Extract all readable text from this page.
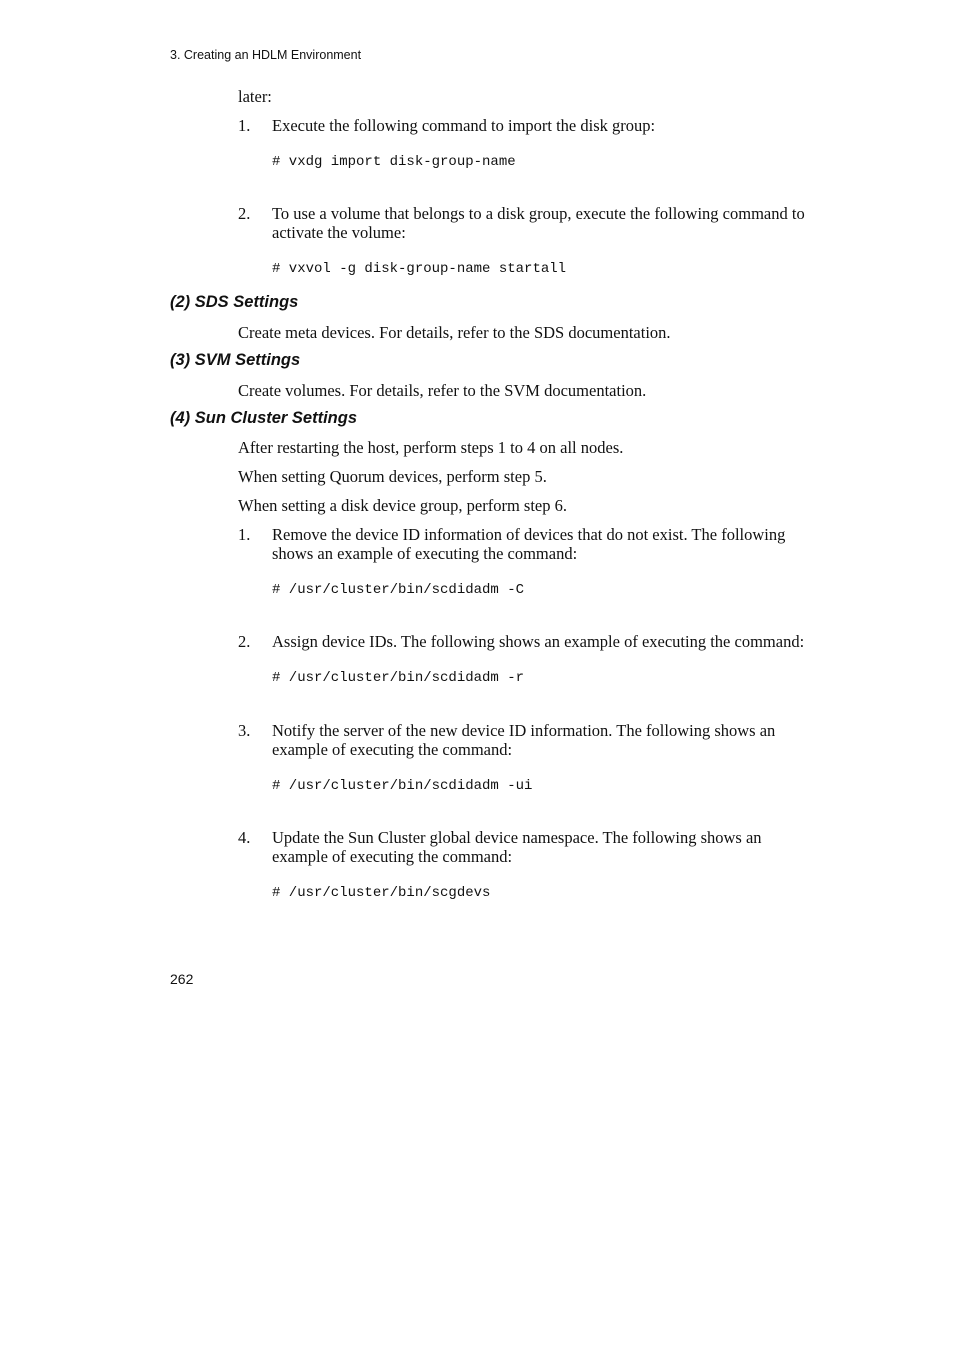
3. Creating an HDLM Environment
later:
1. Execute the following command to import the disk group:
# vxdg import disk-group-name
2. To use a volume that belongs to a disk group, execute the following command to
activate the volume:
# vxvol -g disk-group-name startall
(2) SDS Settings
Create meta devices. For details, refer to the SDS documentation.
(3) SVM Settings
Create volumes. For details, refer to the SVM documentation.
(4) Sun Cluster Settings
After restarting the host, perform steps 1 to 4 on all nodes.
When setting Quorum devices, perform step 5.
When setting a disk device group, perform step 6.
1. Remove the device ID information of devices that do not exist. The following
shows an example of executing the command:
# /usr/cluster/bin/scdidadm -C
2. Assign device IDs. The following shows an example of executing the command:
# /usr/cluster/bin/scdidadm -r
3. Notify the server of the new device ID information. The following shows an
example of executing the command:
# /usr/cluster/bin/scdidadm -ui
4. Update the Sun Cluster global device namespace. The following shows an
example of executing the command:
# /usr/cluster/bin/scgdevs
262
